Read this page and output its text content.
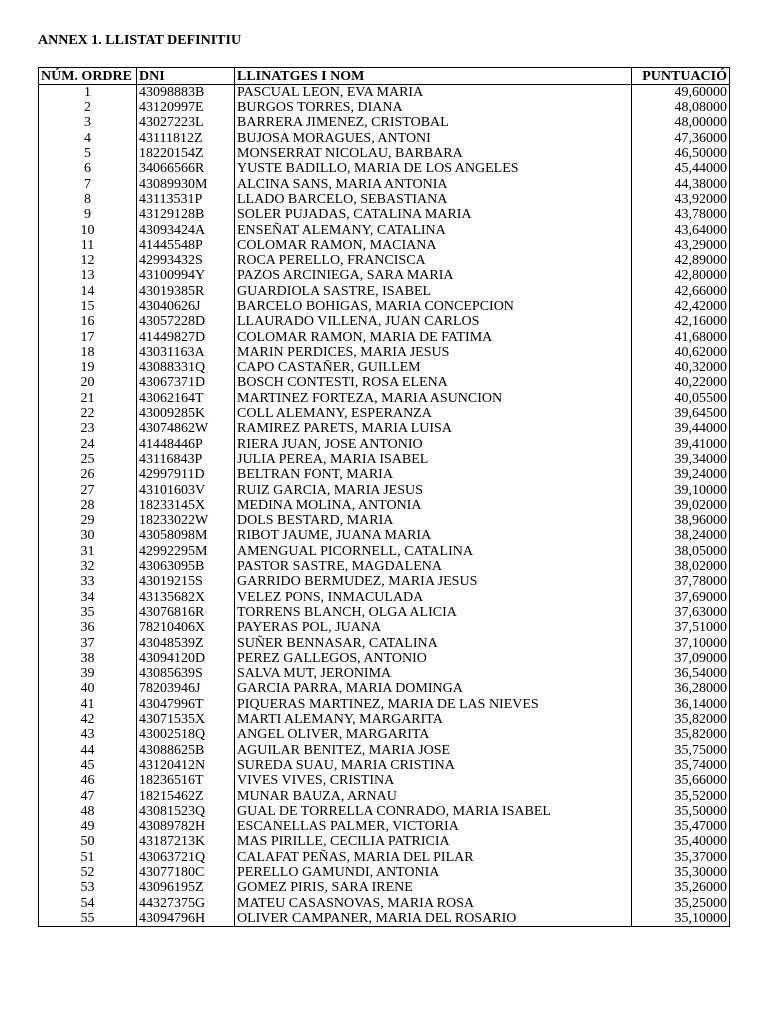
ANNEX 1. LLISTAT DEFINITIU
NÚM. ORDRE	DNI	LLINATGES I NOM	PUNTUACIÓ
1	43098883B	PASCUAL LEON, EVA MARIA	49,60000
2	43120997E	BURGOS TORRES, DIANA	48,08000
3	43027223L	BARRERA JIMENEZ, CRISTOBAL	48,00000
4	43111812Z	BUJOSA MORAGUES, ANTONI	47,36000
5	18220154Z	MONSERRAT NICOLAU, BARBARA	46,50000
6	34066566R	YUSTE BADILLO, MARIA DE LOS ANGELES	45,44000
7	43089930M	ALCINA SANS, MARIA ANTONIA	44,38000
8	43113531P	LLADO BARCELO, SEBASTIANA	43,92000
9	43129128B	SOLER PUJADAS, CATALINA MARIA	43,78000
10	43093424A	ENSEÑAT ALEMANY, CATALINA	43,64000
11	41445548P	COLOMAR RAMON, MACIANA	43,29000
12	42993432S	ROCA PERELLO, FRANCISCA	42,89000
13	43100994Y	PAZOS ARCINIEGA, SARA MARIA	42,80000
14	43019385R	GUARDIOLA SASTRE, ISABEL	42,66000
15	43040626J	BARCELO BOHIGAS, MARIA CONCEPCION	42,42000
16	43057228D	LLAURADO VILLENA, JUAN CARLOS	42,16000
17	41449827D	COLOMAR RAMON, MARIA DE FATIMA	41,68000
18	43031163A	MARIN PERDICES, MARIA JESUS	40,62000
19	43088331Q	CAPO CASTAÑER, GUILLEM	40,32000
20	43067371D	BOSCH CONTESTI, ROSA ELENA	40,22000
21	43062164T	MARTINEZ FORTEZA, MARIA ASUNCION	40,05500
22	43009285K	COLL ALEMANY, ESPERANZA	39,64500
23	43074862W	RAMIREZ PARETS, MARIA LUISA	39,44000
24	41448446P	RIERA JUAN, JOSE ANTONIO	39,41000
25	43116843P	JULIA PEREA, MARIA ISABEL	39,34000
26	42997911D	BELTRAN FONT, MARIA	39,24000
27	43101603V	RUIZ GARCIA, MARIA JESUS	39,10000
28	18233145X	MEDINA MOLINA, ANTONIA	39,02000
29	18233022W	DOLS BESTARD, MARIA	38,96000
30	43058098M	RIBOT JAUME, JUANA MARIA	38,24000
31	42992295M	AMENGUAL PICORNELL, CATALINA	38,05000
32	43063095B	PASTOR SASTRE, MAGDALENA	38,02000
33	43019215S	GARRIDO BERMUDEZ, MARIA JESUS	37,78000
34	43135682X	VELEZ PONS, INMACULADA	37,69000
35	43076816R	TORRENS BLANCH, OLGA ALICIA	37,63000
36	78210406X	PAYERAS POL, JUANA	37,51000
37	43048539Z	SUÑER BENNASAR, CATALINA	37,10000
38	43094120D	PEREZ GALLEGOS, ANTONIO	37,09000
39	43085639S	SALVA MUT, JERONIMA	36,54000
40	78203946J	GARCIA PARRA, MARIA DOMINGA	36,28000
41	43047996T	PIQUERAS MARTINEZ, MARIA DE LAS NIEVES	36,14000
42	43071535X	MARTI ALEMANY, MARGARITA	35,82000
43	43002518Q	ANGEL OLIVER, MARGARITA	35,82000
44	43088625B	AGUILAR BENITEZ, MARIA JOSE	35,75000
45	43120412N	SUREDA SUAU, MARIA CRISTINA	35,74000
46	18236516T	VIVES VIVES, CRISTINA	35,66000
47	18215462Z	MUNAR BAUZA, ARNAU	35,52000
48	43081523Q	GUAL DE TORRELLA CONRADO, MARIA ISABEL	35,50000
49	43089782H	ESCANELLAS PALMER, VICTORIA	35,47000
50	43187213K	MAS PIRILLE, CECILIA PATRICIA	35,40000
51	43063721Q	CALAFAT PEÑAS, MARIA DEL PILAR	35,37000
52	43077180C	PERELLO GAMUNDI, ANTONIA	35,30000
53	43096195Z	GOMEZ PIRIS, SARA IRENE	35,26000
54	44327375G	MATEU CASASNOVAS, MARIA ROSA	35,25000
55	43094796H	OLIVER CAMPANER, MARIA DEL ROSARIO	35,10000
